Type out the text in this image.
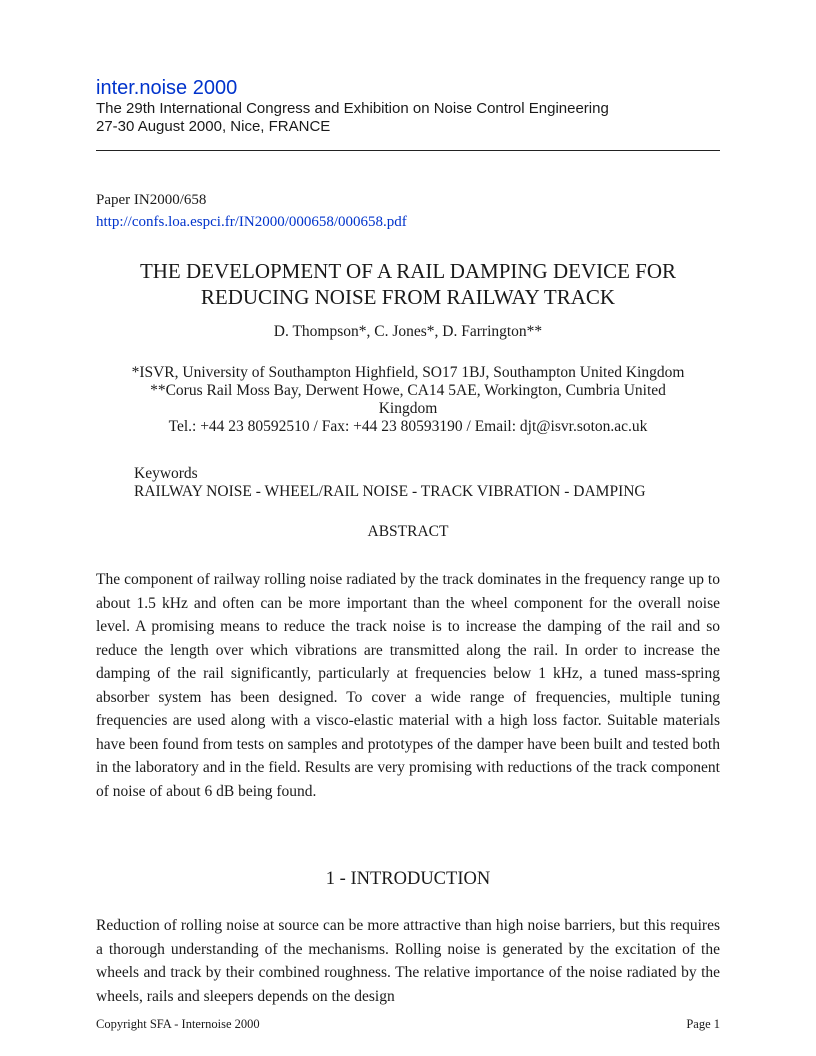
inter.noise 2000
The 29th International Congress and Exhibition on Noise Control Engineering
27-30 August 2000, Nice, FRANCE
Paper IN2000/658
http://confs.loa.espci.fr/IN2000/000658/000658.pdf
THE DEVELOPMENT OF A RAIL DAMPING DEVICE FOR
REDUCING NOISE FROM RAILWAY TRACK
D. Thompson*, C. Jones*, D. Farrington**
*ISVR, University of Southampton Highfield, SO17 1BJ, Southampton United Kingdom
**Corus Rail Moss Bay, Derwent Howe, CA14 5AE, Workington, Cumbria United
Kingdom
Tel.: +44 23 80592510 / Fax: +44 23 80593190 / Email: djt@isvr.soton.ac.uk
Keywords
RAILWAY NOISE - WHEEL/RAIL NOISE - TRACK VIBRATION - DAMPING
ABSTRACT

The component of railway rolling noise radiated by the track dominates in the frequency range up to about 1.5 kHz and often can be more important than the wheel component for the overall noise level. A promising means to reduce the track noise is to increase the damping of the rail and so reduce the length over which vibrations are transmitted along the rail. In order to increase the damping of the rail significantly, particularly at frequencies below 1 kHz, a tuned mass-spring absorber system has been designed. To cover a wide range of frequencies, multiple tuning frequencies are used along with a visco-elastic material with a high loss factor. Suitable materials have been found from tests on samples and prototypes of the damper have been built and tested both in the laboratory and in the field. Results are very promising with reductions of the track component of noise of about 6 dB being found.

1 - INTRODUCTION

Reduction of rolling noise at source can be more attractive than high noise barriers, but this requires a thorough understanding of the mechanisms. Rolling noise is generated by the excitation of the wheels and track by their combined roughness. The relative importance of the noise radiated by the wheels, rails and sleepers depends on the design

Copyright SFA - Internoise 2000	Page 1
